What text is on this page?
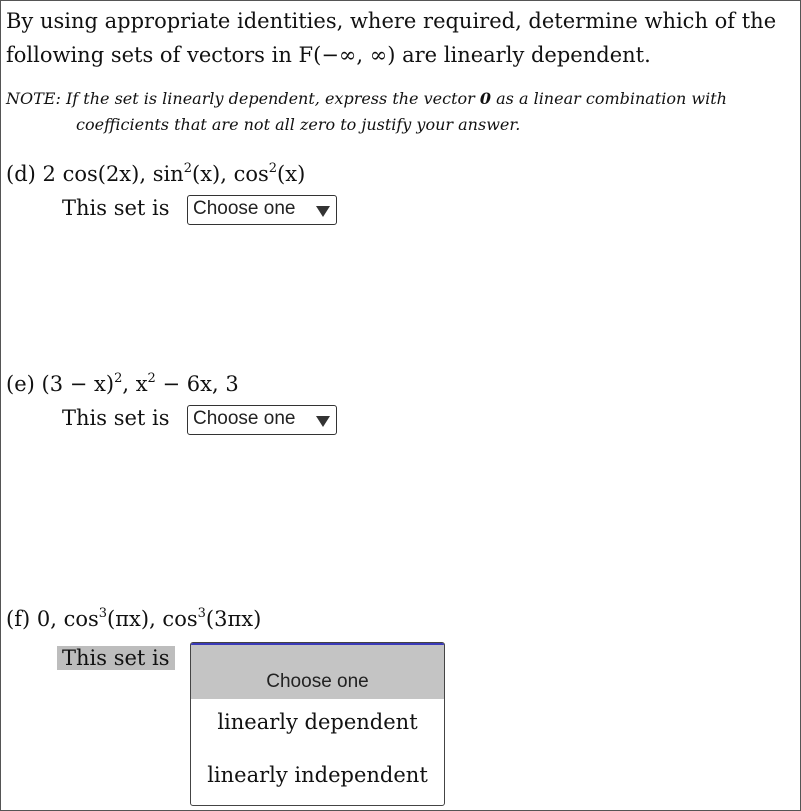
By using appropriate identities, where required, determine which of the following sets of vectors in F(−∞, ∞) are linearly dependent.
NOTE: If the set is linearly dependent, express the vector 0 as a linear combination with
coefficients that are not all zero to justify your answer.
(d) 2 cos(2x), $\sin^2(x)$, $\cos^2(x)$
This set is	Choose one
(e) $(3 - x)^2$, $x^2 - 6x$, 3
This set is	Choose one
(f) 0, $\cos^3(\pi x)$, $\cos^3(3\pi x)$
This set is
Choose one
linearly dependent
linearly independent
